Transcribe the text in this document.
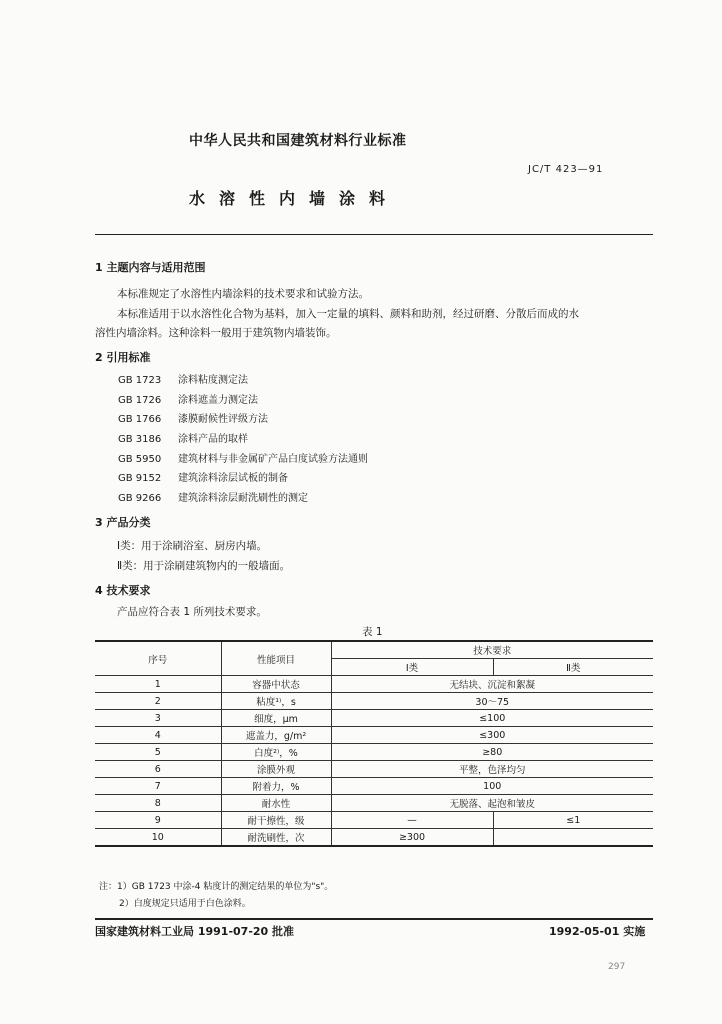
中华人民共和国建筑材料行业标准
JC/T 423—91
水溶性内墙涂料
1 主题内容与适用范围
本标准规定了水溶性内墙涂料的技术要求和试验方法。
本标准适用于以水溶性化合物为基料，加入一定量的填料、颜料和助剂，经过研磨、分散后而成的水
溶性内墙涂料。这种涂料一般用于建筑物内墙装饰。
2 引用标准
GB 1723 涂料粘度测定法
GB 1726 涂料遮盖力测定法
GB 1766 漆膜耐候性评级方法
GB 3186 涂料产品的取样
GB 5950 建筑材料与非金属矿产品白度试验方法通则
GB 9152 建筑涂料涂层试板的制备
GB 9266 建筑涂料涂层耐洗刷性的测定
3 产品分类
Ⅰ类：用于涂刷浴室、厨房内墙。
Ⅱ类：用于涂刷建筑物内的一般墙面。
4 技术要求
产品应符合表 1 所列技术要求。
表 1
序号	性能项目	技术要求	
		Ⅰ类	Ⅱ类
1	容器中状态	无结块、沉淀和絮凝	
2	粘度¹⁾，s	30～75	
3	细度，μm	≤100	
4	遮盖力，g/m²	≤300	
5	白度²⁾，%	≥80	
6	涂膜外观	平整，色泽均匀	
7	附着力，%	100	
8	耐水性	无脱落、起泡和皱皮	
9	耐干擦性，级	—	≤1
10	耐洗刷性，次	≥300	
注：1）GB 1723 中涂-4 粘度计的测定结果的单位为"s"。
2）白度规定只适用于白色涂料。
国家建筑材料工业局 1991-07-20 批准	1992-05-01 实施
297
